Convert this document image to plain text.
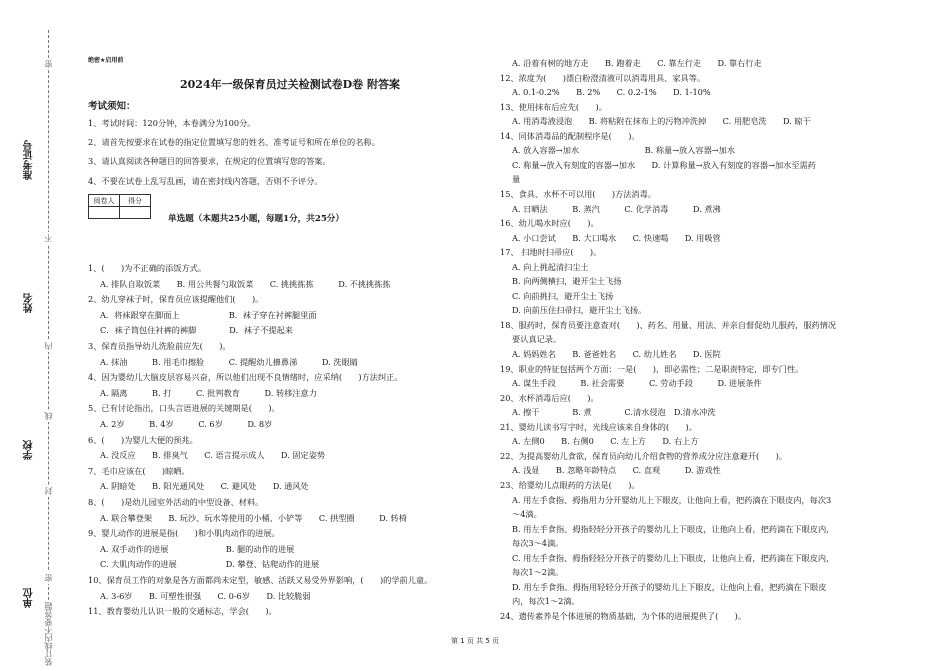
准考证号
姓名
学校
单位
密
不
内
线
封
密
装订线内不要答题
绝密★启用前
2024年一级保育员过关检测试卷D卷 附答案
考试须知：
1、考试时间：120分钟，本卷满分为100分。
2、请首先按要求在试卷的指定位置填写您的姓名、准考证号和所在单位的名称。
3、请认真阅读各种题目的回答要求，在规定的位置填写您的答案。
4、不要在试卷上乱写乱画，请在密封线内答题，否则不予评分。
阅卷人	得分

单选题（本题共25小题，每题1分，共25分）
1、(　　)为不正确的添饭方式。
A. 排队自取饭菜　　B. 用公共餐勺取饭菜　　C. 挑挑拣拣　　　D. 不挑挑拣拣
2、幼儿穿袜子时，保育员应该提醒他们(　　)。
A．将袜跟穿在脚面上　　　　　　B．袜子穿在衬裤腿里面
C．袜子筒包住衬裤的裤脚　　　　D．袜子不提起来
3、保育员指导幼儿洗脸前应先(　　)。
A. 抹油　　　B. 用毛巾擦脸　　　C. 提醒幼儿擤鼻涕　　　D. 洗眼睛
4、因为婴幼儿大脑皮层容易兴奋，所以他们出现不良情绪时，应采纳(　　)方法纠正。
A. 隔离　　　B. 打　　　C. 批判教育　　　D. 转移注意力
5、已有讨论指出，口头言语进展的关键期是(　　)。
A. 2岁　　　B. 4岁　　　C. 6岁　　　D. 8岁
6、(　　)为婴儿大便的预兆。
A. 没反应　　B. 排臭气　　C. 语言提示成人　　D. 固定姿势
7、毛巾应该在(　　)晾晒。
A. 阴暗处　　B. 阳光通风处　　C. 避风处　　D. 通风处
8、(　　)是幼儿园室外活动的中型设备、材料。
A. 联合攀登架　　B. 玩沙、玩水等使用的小桶、小铲等　　C. 拱型圈　　　D. 转椅
9、婴儿动作的进展是指(　　)和小肌肉动作的进展。
A. 双手动作的进展　　　　　　　B. 腿的动作的进展
C. 大肌肉动作的进展　　　　　　D. 攀登、钻爬动作的进展
10、保育员工作的对象是各方面都尚未定型，敏感、活跃又易受外界影响，(　　)的学前儿童。
A. 3-6岁　　B. 可塑性很强　　C. 0-6岁　　D. 比较脆弱
11、教育婴幼儿认识一般的交通标志，学会(　　)。
A. 沿着有树的地方走　　B. 跑着走　　C. 靠左行走　　D. 靠右行走
12、浓度为(　　)漂白粉澄清液可以消毒用具、家具等。
A. 0.1-0.2%　　B. 2%　　C. 0.2-1%　　D. 1-10%
13、使用抹布后应先(　　)。
A. 用消毒液浸泡　　B. 将粘附在抹布上的污物冲洗掉　　C. 用肥皂洗　　D. 晾干
14、同体消毒品的配制程序是(　　)。
A. 放入容器→加水　　　　　　　　B. 称量→放入容器→加水
C. 称量→放入有刻度的容器→加水　　D. 计算称量→放入有刻度的容器→加水至需药
量
15、食具、水杯不可以用(　　)方法消毒。
A. 日晒法　　　B. 蒸汽　　　C. 化学消毒　　　D. 煮沸
16、幼儿喝水时应(　　)。
A. 小口尝试　　B. 大口喝水　　C. 快速喝　　D. 用吸管
17、 扫地时扫帚应(　　)。
A. 向上挑起清扫尘土
B. 向两侧横扫，避开尘土飞扬
C. 向前挑扫，避开尘土飞扬
D. 向前压住扫帚扫，避开尘土飞扬。
18、服药时，保育员要注意查对(　　)、药名、用量、用法、并亲自督促幼儿服药，服药情况
要认真记录。
A. 妈妈姓名　　B. 爸爸姓名　　C. 幼儿姓名　　D. 医院
19、职业的特征包括两个方面：一是(　　)，即必需性；二是职责特定，即专门性。
A. 谋生手段　　　B. 社会需要　　　C. 劳动手段　　　D. 进展条件
20、水杯消毒后应(　　)。
A. 擦干　　　　B. 煮　　　　C.清水侵泡　D.清水冲洗
21、婴幼儿读书写字时，光线应该来自身体的(　　)。
A. 左侧0　　B. 右侧0　　C. 左上方　　D. 右上方
22、为提高婴幼儿食欲，保育员向幼儿介绍食物的营养成分应注意避开(　　)。
A. 浅显　　B. 忽略年龄特点　　C. 直观　　　D. 游戏性
23、给婴幼儿点眼药的方法是(　　)。
A. 用左手食指、拇指用力分开婴幼儿上下眼皮，让他向上看，把药滴在下眼皮内，每次3
～4滴。
B. 用左手食指、拇指轻轻分开孩子的婴幼儿上下眼皮，让他向上看，把药滴在下眼皮内，
每次3～4滴。
C. 用左手食指、拇指轻轻分开孩子的婴幼儿上下眼皮，让他向上看，把药滴在下眼皮内，
每次1～2滴。
D. 用左手食指、拇指用轻轻分开孩子的婴幼儿上下眼皮，让他向上看，把药滴在下眼皮
内，每次1～2滴。
24、遗传素养是个体进展的物质基础，为个体的进展提供了(　　)。
第 1 页 共 5 页
